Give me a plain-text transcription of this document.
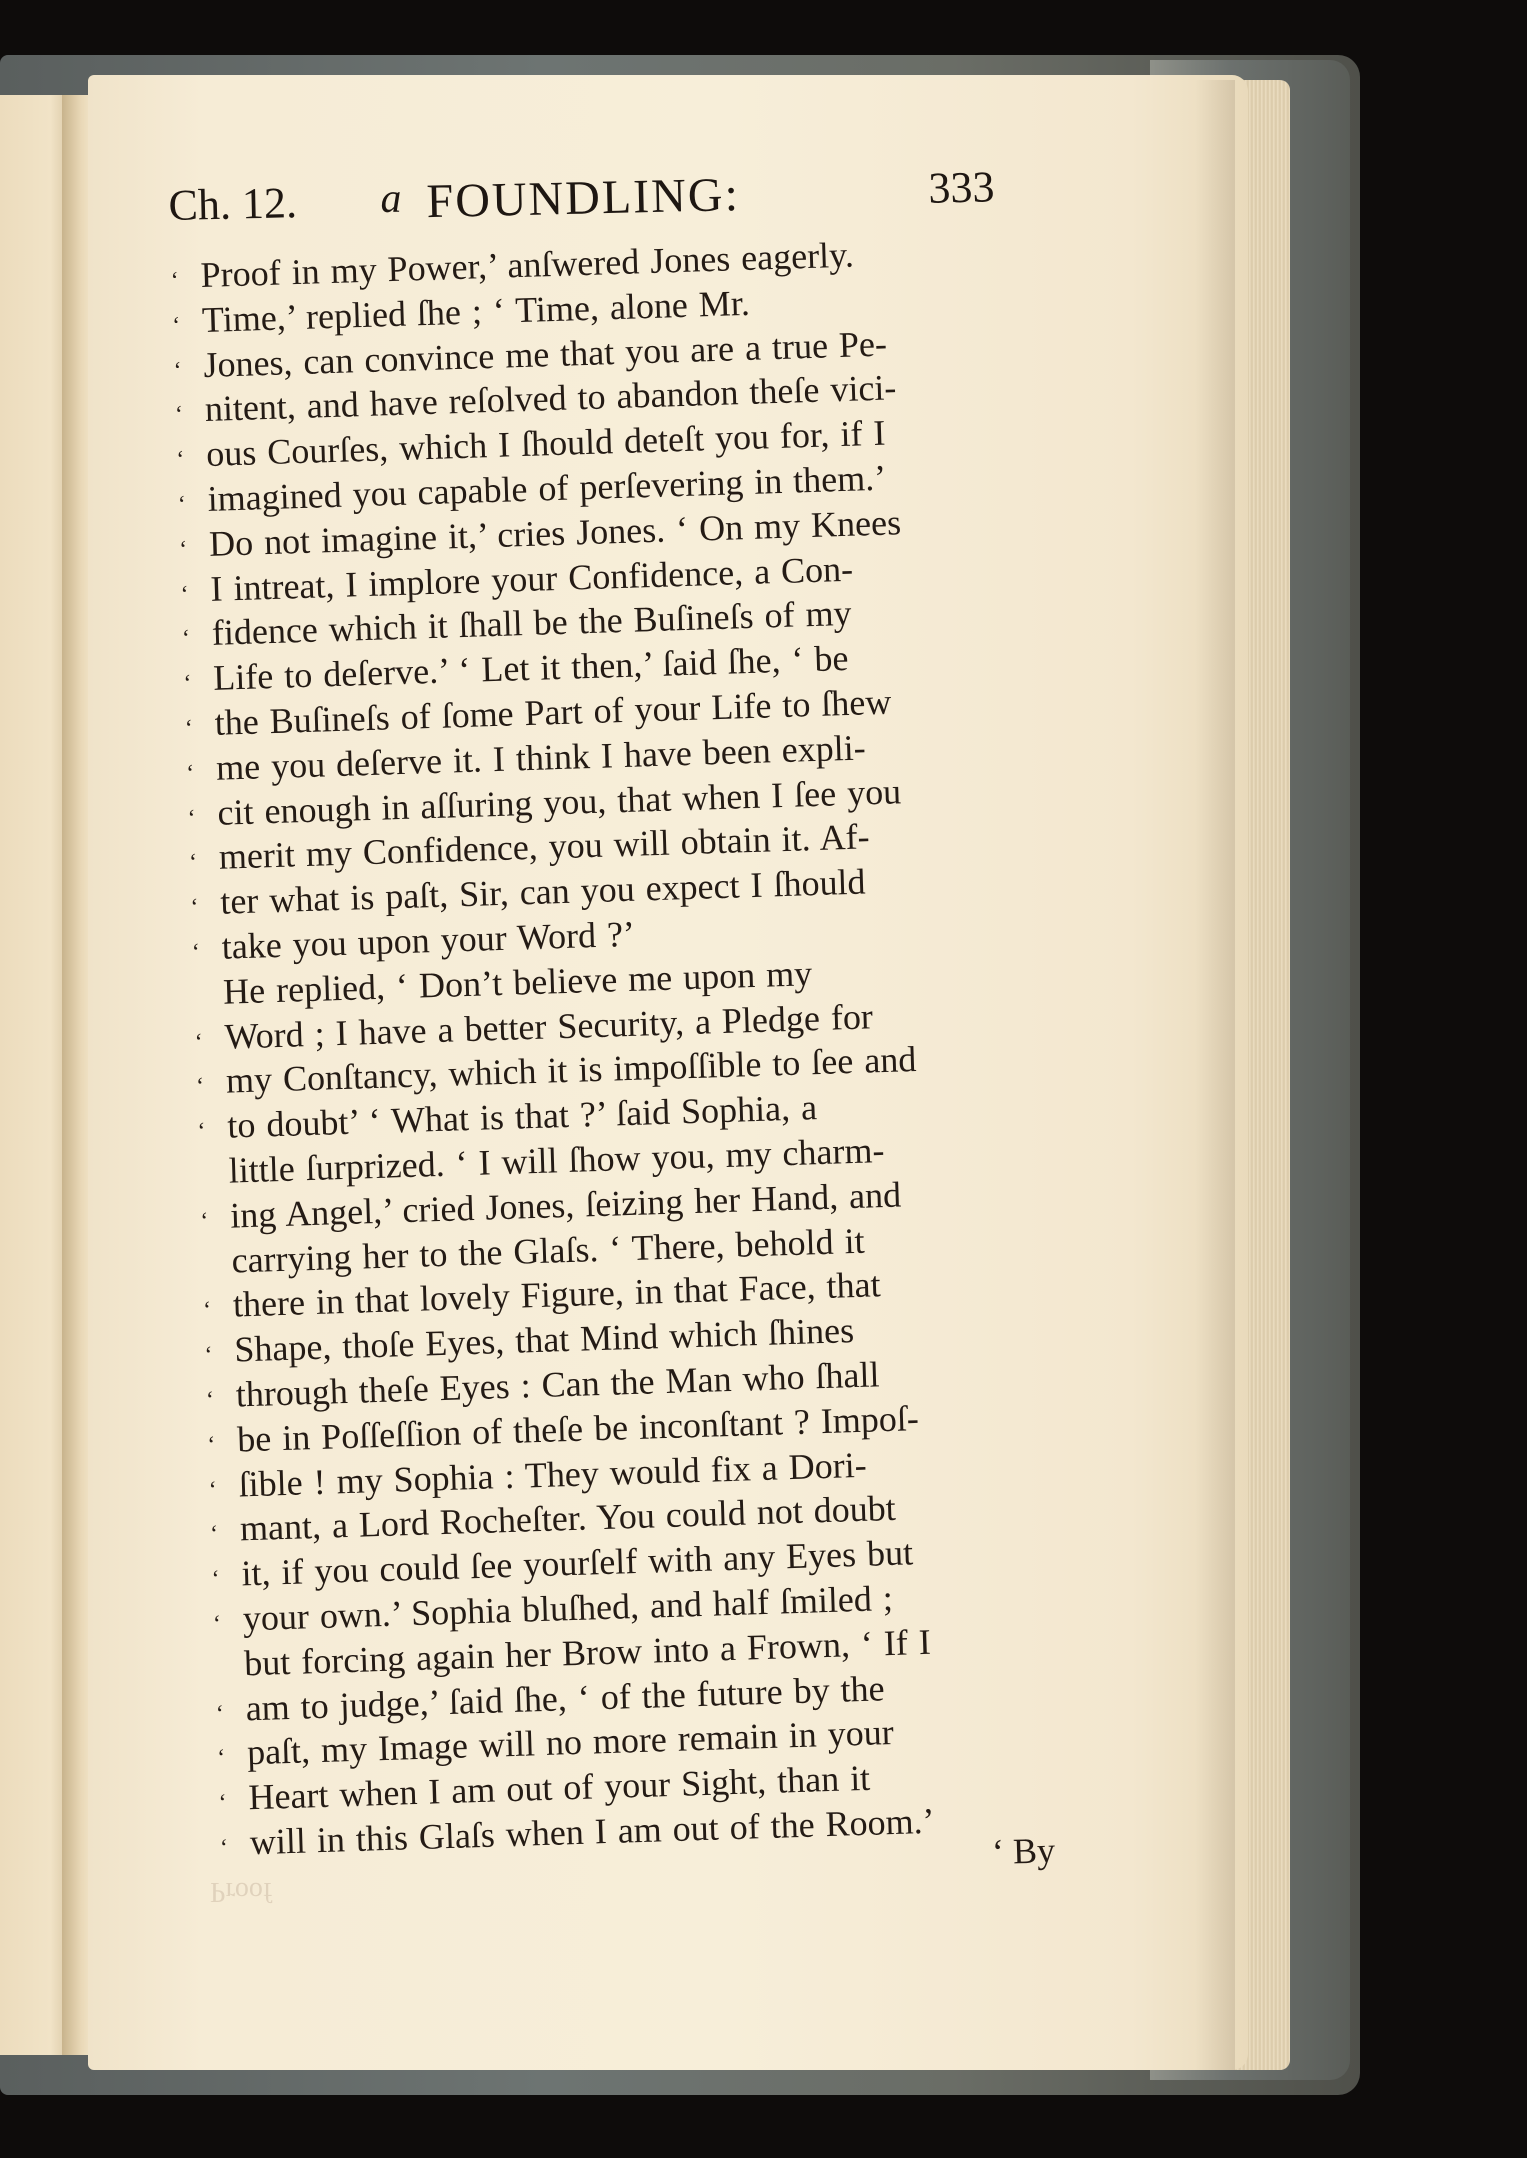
Proof
Ch. 12. a FOUNDLING:	333
‘ Proof in my Power,’ anſwered Jones eagerly.
‘ Time,’ replied ſhe ; ‘ Time, alone Mr.
‘ Jones, can convince me that you are a true Pe-
‘ nitent, and have reſolved to abandon theſe vici-
‘ ous Courſes, which I ſhould deteſt you for, if I
‘ imagined you capable of perſevering in them.’
‘ Do not imagine it,’ cries Jones. ‘ On my Knees
‘ I intreat, I implore your Confidence, a Con-
‘ fidence which it ſhall be the Buſineſs of my
‘ Life to deſerve.’ ‘ Let it then,’ ſaid ſhe, ‘ be
‘ the Buſineſs of ſome Part of your Life to ſhew
‘ me you deſerve it. I think I have been expli-
‘ cit enough in aſſuring you, that when I ſee you
‘ merit my Confidence, you will obtain it. Af-
‘ ter what is paſt, Sir, can you expect I ſhould
‘ take you upon your Word ?’
He replied, ‘ Don’t believe me upon my
‘ Word ; I have a better Security, a Pledge for
‘ my Conſtancy, which it is impoſſible to ſee and
‘ to doubt’ ‘ What is that ?’ ſaid Sophia, a
little ſurprized. ‘ I will ſhow you, my charm-
‘ ing Angel,’ cried Jones, ſeizing her Hand, and
carrying her to the Glaſs. ‘ There, behold it
‘ there in that lovely Figure, in that Face, that
‘ Shape, thoſe Eyes, that Mind which ſhines
‘ through theſe Eyes : Can the Man who ſhall
‘ be in Poſſeſſion of theſe be inconſtant ? Impoſ-
‘ ſible ! my Sophia : They would fix a Dori-
‘ mant, a Lord Rocheſter. You could not doubt
‘ it, if you could ſee yourſelf with any Eyes but
‘ your own.’ Sophia bluſhed, and half ſmiled ;
but forcing again her Brow into a Frown, ‘ If I
‘ am to judge,’ ſaid ſhe, ‘ of the future by the
‘ paſt, my Image will no more remain in your
‘ Heart when I am out of your Sight, than it
‘ will in this Glaſs when I am out of the Room.’ ‘ By
